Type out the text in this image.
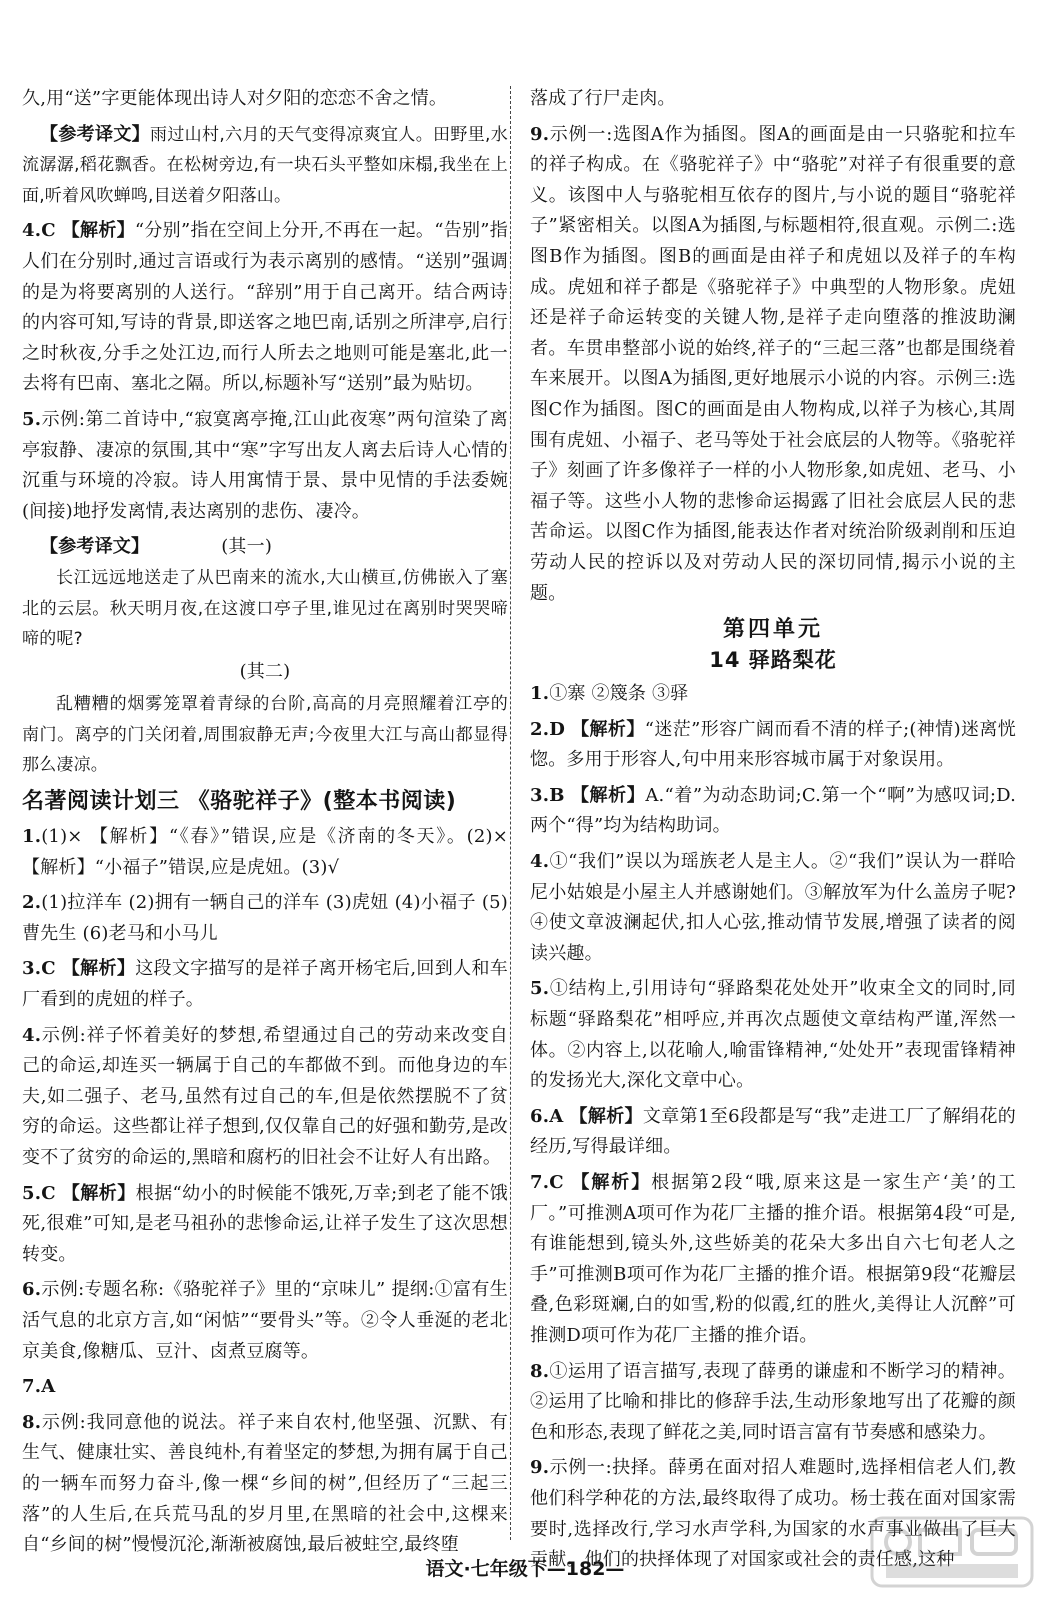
久,用“送”字更能体现出诗人对夕阳的恋恋不舍之情。
【参考译文】雨过山村,六月的天气变得凉爽宜人。田野里,水流潺潺,稻花飘香。在松树旁边,有一块石头平整如床榻,我坐在上面,听着风吹蝉鸣,目送着夕阳落山。
4.C 【解析】“分别”指在空间上分开,不再在一起。“告别”指人们在分别时,通过言语或行为表示离别的感情。“送别”强调的是为将要离别的人送行。“辞别”用于自己离开。结合两诗的内容可知,写诗的背景,即送客之地巴南,话别之所津亭,启行之时秋夜,分手之处江边,而行人所去之地则可能是塞北,此一去将有巴南、塞北之隔。所以,标题补写“送别”最为贴切。
5.示例:第二首诗中,“寂寞离亭掩,江山此夜寒”两句渲染了离亭寂静、凄凉的氛围,其中“寒”字写出友人离去后诗人心情的沉重与环境的冷寂。诗人用寓情于景、景中见情的手法委婉(间接)地抒发离情,表达离别的悲伤、凄冷。
【参考译文】	(其一)
长江远远地送走了从巴南来的流水,大山横亘,仿佛嵌入了塞北的云层。秋天明月夜,在这渡口亭子里,谁见过在离别时哭哭啼啼的呢?
(其二)
乱糟糟的烟雾笼罩着青绿的台阶,高高的月亮照耀着江亭的南门。离亭的门关闭着,周围寂静无声;今夜里大江与高山都显得那么凄凉。
名著阅读计划三 《骆驼祥子》(整本书阅读)
1.(1)× 【解析】“《春》”错误,应是《济南的冬天》。(2)× 【解析】“小福子”错误,应是虎妞。(3)√
2.(1)拉洋车 (2)拥有一辆自己的洋车 (3)虎妞 (4)小福子 (5)曹先生 (6)老马和小马儿
3.C 【解析】这段文字描写的是祥子离开杨宅后,回到人和车厂看到的虎妞的样子。
4.示例:祥子怀着美好的梦想,希望通过自己的劳动来改变自己的命运,却连买一辆属于自己的车都做不到。而他身边的车夫,如二强子、老马,虽然有过自己的车,但是依然摆脱不了贫穷的命运。这些都让祥子想到,仅仅靠自己的好强和勤劳,是改变不了贫穷的命运的,黑暗和腐朽的旧社会不让好人有出路。
5.C 【解析】根据“幼小的时候能不饿死,万幸;到老了能不饿死,很难”可知,是老马祖孙的悲惨命运,让祥子发生了这次思想转变。
6.示例:专题名称:《骆驼祥子》里的“京味儿” 提纲:①富有生活气息的北京方言,如“闲惦”“要骨头”等。②令人垂涎的老北京美食,像糖瓜、豆汁、卤煮豆腐等。
7.A
8.示例:我同意他的说法。祥子来自农村,他坚强、沉默、有生气、健康壮实、善良纯朴,有着坚定的梦想,为拥有属于自己的一辆车而努力奋斗,像一棵“乡间的树”,但经历了“三起三落”的人生后,在兵荒马乱的岁月里,在黑暗的社会中,这棵来自“乡间的树”慢慢沉沦,渐渐被腐蚀,最后被蛀空,最终堕
落成了行尸走肉。
9.示例一:选图A作为插图。图A的画面是由一只骆驼和拉车的祥子构成。在《骆驼祥子》中“骆驼”对祥子有很重要的意义。该图中人与骆驼相互依存的图片,与小说的题目“骆驼祥子”紧密相关。以图A为插图,与标题相符,很直观。示例二:选图B作为插图。图B的画面是由祥子和虎妞以及祥子的车构成。虎妞和祥子都是《骆驼祥子》中典型的人物形象。虎妞还是祥子命运转变的关键人物,是祥子走向堕落的推波助澜者。车贯串整部小说的始终,祥子的“三起三落”也都是围绕着车来展开。以图A为插图,更好地展示小说的内容。示例三:选图C作为插图。图C的画面是由人物构成,以祥子为核心,其周围有虎妞、小福子、老马等处于社会底层的人物等。《骆驼祥子》刻画了许多像祥子一样的小人物形象,如虎妞、老马、小福子等。这些小人物的悲惨命运揭露了旧社会底层人民的悲苦命运。以图C作为插图,能表达作者对统治阶级剥削和压迫劳动人民的控诉以及对劳动人民的深切同情,揭示小说的主题。
第四单元
14 驿路梨花
1.①寨 ②篾条 ③驿
2.D 【解析】“迷茫”形容广阔而看不清的样子;(神情)迷离恍惚。多用于形容人,句中用来形容城市属于对象误用。
3.B 【解析】A.“着”为动态助词;C.第一个“啊”为感叹词;D.两个“得”均为结构助词。
4.①“我们”误以为瑶族老人是主人。②“我们”误认为一群哈尼小姑娘是小屋主人并感谢她们。③解放军为什么盖房子呢?④使文章波澜起伏,扣人心弦,推动情节发展,增强了读者的阅读兴趣。
5.①结构上,引用诗句“驿路梨花处处开”收束全文的同时,同标题“驿路梨花”相呼应,并再次点题使文章结构严谨,浑然一体。②内容上,以花喻人,喻雷锋精神,“处处开”表现雷锋精神的发扬光大,深化文章中心。
6.A 【解析】文章第1至6段都是写“我”走进工厂了解绢花的经历,写得最详细。
7.C 【解析】根据第2段“哦,原来这是一家生产‘美’的工厂。”可推测A项可作为花厂主播的推介语。根据第4段“可是,有谁能想到,镜头外,这些娇美的花朵大多出自六七旬老人之手”可推测B项可作为花厂主播的推介语。根据第9段“花瓣层叠,色彩斑斓,白的如雪,粉的似霞,红的胜火,美得让人沉醉”可推测D项可作为花厂主播的推介语。
8.①运用了语言描写,表现了薛勇的谦虚和不断学习的精神。②运用了比喻和排比的修辞手法,生动形象地写出了花瓣的颜色和形态,表现了鲜花之美,同时语言富有节奏感和感染力。
9.示例一:抉择。薛勇在面对招人难题时,选择相信老人们,教他们科学种花的方法,最终取得了成功。杨士莪在面对国家需要时,选择改行,学习水声学科,为国家的水声事业做出了巨大贡献。他们的抉择体现了对国家或社会的责任感,这种
语文·七年级下—182—
